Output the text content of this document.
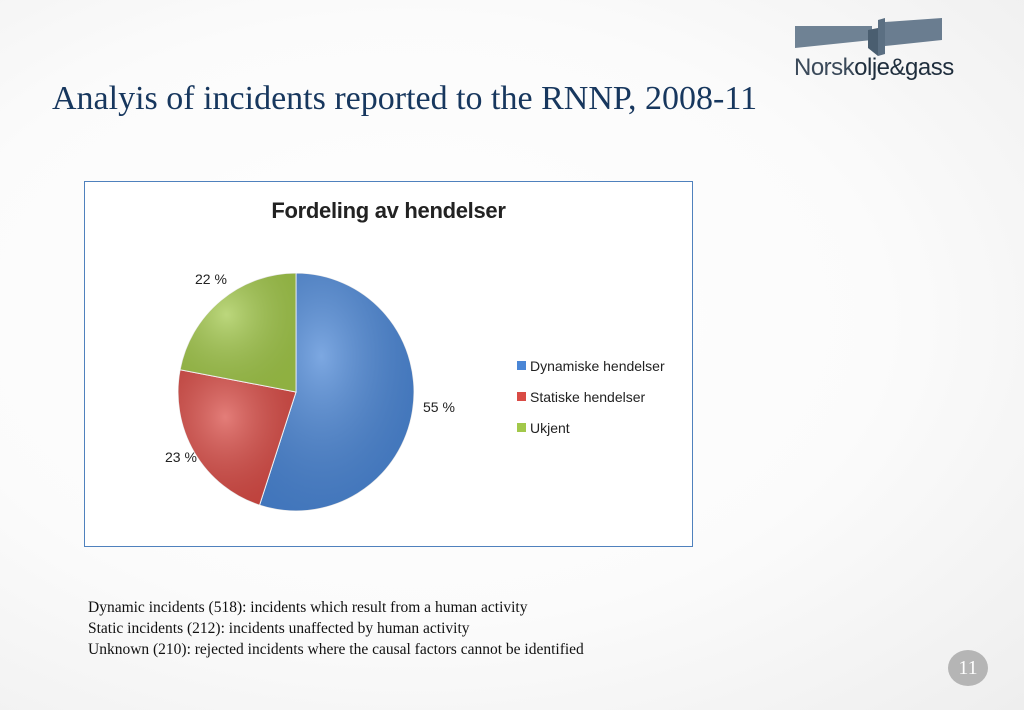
Norskolje&gass
Analyis of incidents reported to the RNNP, 2008-11
Fordeling av hendelser
55 %
23 %
22 %
Dynamiske hendelser
Statiske hendelser
Ukjent
Dynamic incidents (518): incidents which result from a human activity
Static incidents (212): incidents unaffected by human activity
Unknown (210): rejected incidents where the causal factors cannot be identified
11
